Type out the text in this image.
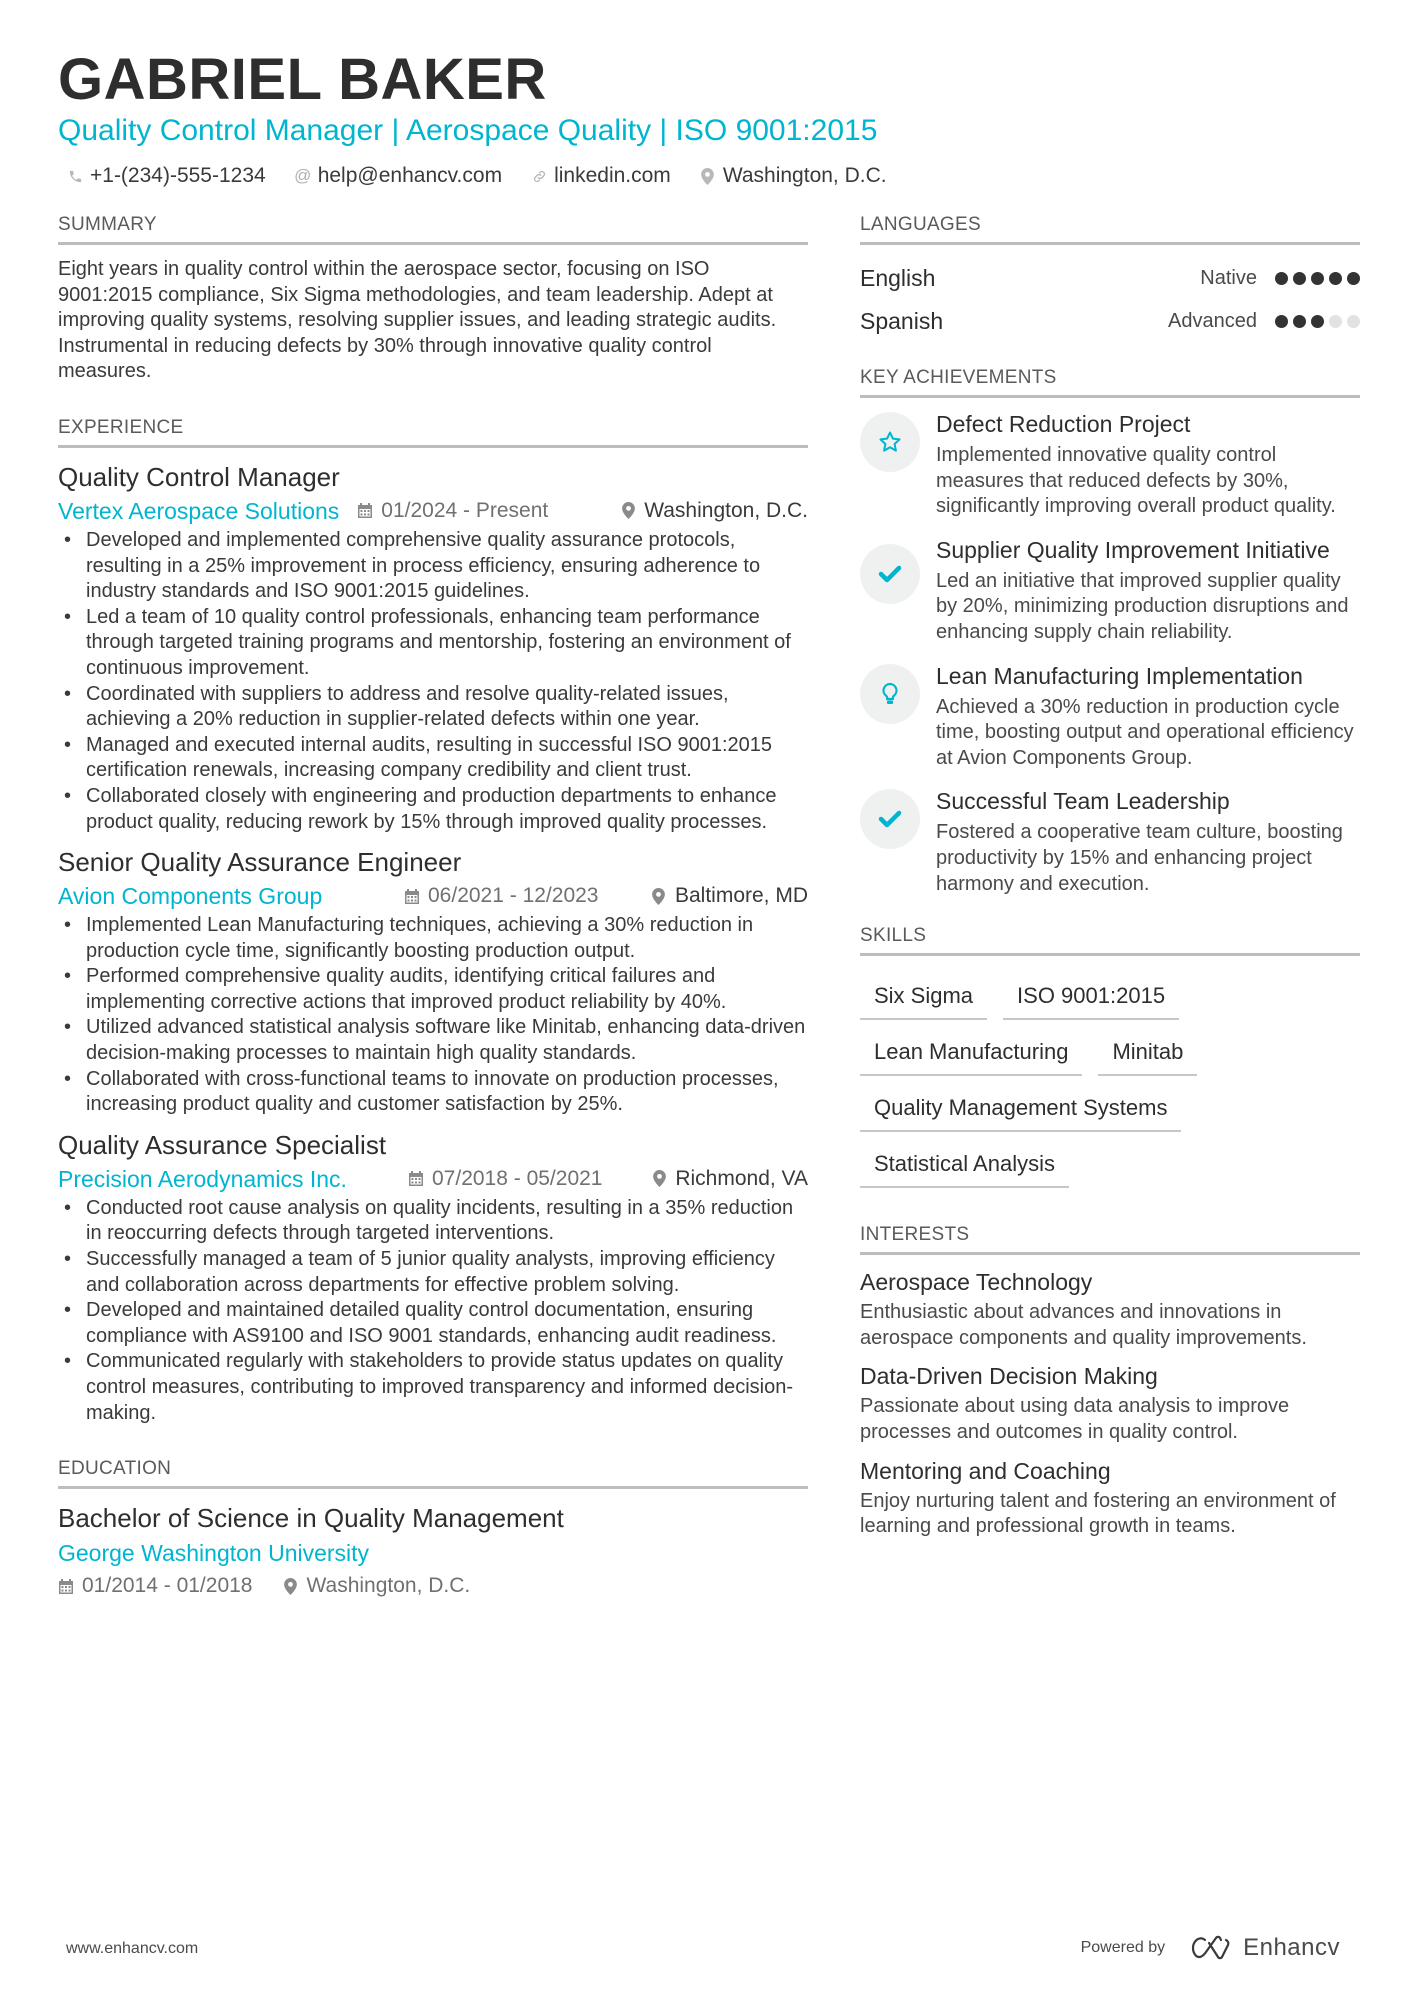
GABRIEL BAKER
Quality Control Manager | Aerospace Quality | ISO 9001:2015
+1-(234)-555-1234 @ help@enhancv.com linkedin.com Washington, D.C.
SUMMARY

Eight years in quality control within the aerospace sector, focusing on ISO 9001:2015 compliance, Six Sigma methodologies, and team leadership. Adept at improving quality systems, resolving supplier issues, and leading strategic audits. Instrumental in reducing defects by 30% through innovative quality control measures.

EXPERIENCE
Quality Control Manager
Vertex Aerospace Solutions 01/2024 - Present	Washington, D.C.
• Developed and implemented comprehensive quality assurance protocols, resulting in a 25% improvement in process efficiency, ensuring adherence to industry standards and ISO 9001:2015 guidelines.
• Led a team of 10 quality control professionals, enhancing team performance through targeted training programs and mentorship, fostering an environment of continuous improvement.
• Coordinated with suppliers to address and resolve quality-related issues, achieving a 20% reduction in supplier-related defects within one year.
• Managed and executed internal audits, resulting in successful ISO 9001:2015 certification renewals, increasing company credibility and client trust.
• Collaborated closely with engineering and production departments to enhance product quality, reducing rework by 15% through improved quality processes.
Senior Quality Assurance Engineer
Avion Components Group	06/2021 - 12/2023	Baltimore, MD
• Implemented Lean Manufacturing techniques, achieving a 30% reduction in production cycle time, significantly boosting production output.
• Performed comprehensive quality audits, identifying critical failures and implementing corrective actions that improved product reliability by 40%.
• Utilized advanced statistical analysis software like Minitab, enhancing data-driven decision-making processes to maintain high quality standards.
• Collaborated with cross-functional teams to innovate on production processes, increasing product quality and customer satisfaction by 25%.
Quality Assurance Specialist
Precision Aerodynamics Inc.	07/2018 - 05/2021	Richmond, VA
• Conducted root cause analysis on quality incidents, resulting in a 35% reduction in reoccurring defects through targeted interventions.
• Successfully managed a team of 5 junior quality analysts, improving efficiency and collaboration across departments for effective problem solving.
• Developed and maintained detailed quality control documentation, ensuring compliance with AS9100 and ISO 9001 standards, enhancing audit readiness.
• Communicated regularly with stakeholders to provide status updates on quality control measures, contributing to improved transparency and informed decision-making.
EDUCATION
Bachelor of Science in Quality Management
George Washington University
01/2014 - 01/2018	Washington, D.C.
LANGUAGES
English	Native
Spanish	Advanced
KEY ACHIEVEMENTS
Defect Reduction Project
Implemented innovative quality control measures that reduced defects by 30%, significantly improving overall product quality.
Supplier Quality Improvement Initiative
Led an initiative that improved supplier quality by 20%, minimizing production disruptions and enhancing supply chain reliability.
Lean Manufacturing Implementation
Achieved a 30% reduction in production cycle time, boosting output and operational efficiency at Avion Components Group.
Successful Team Leadership
Fostered a cooperative team culture, boosting productivity by 15% and enhancing project harmony and execution.
SKILLS
Six Sigma	ISO 9001:2015
Lean Manufacturing	Minitab
Quality Management Systems
Statistical Analysis
INTERESTS
Aerospace Technology
Enthusiastic about advances and innovations in aerospace components and quality improvements.
Data-Driven Decision Making
Passionate about using data analysis to improve processes and outcomes in quality control.
Mentoring and Coaching
Enjoy nurturing talent and fostering an environment of learning and professional growth in teams.
www.enhancv.com	Powered by	Enhancv
